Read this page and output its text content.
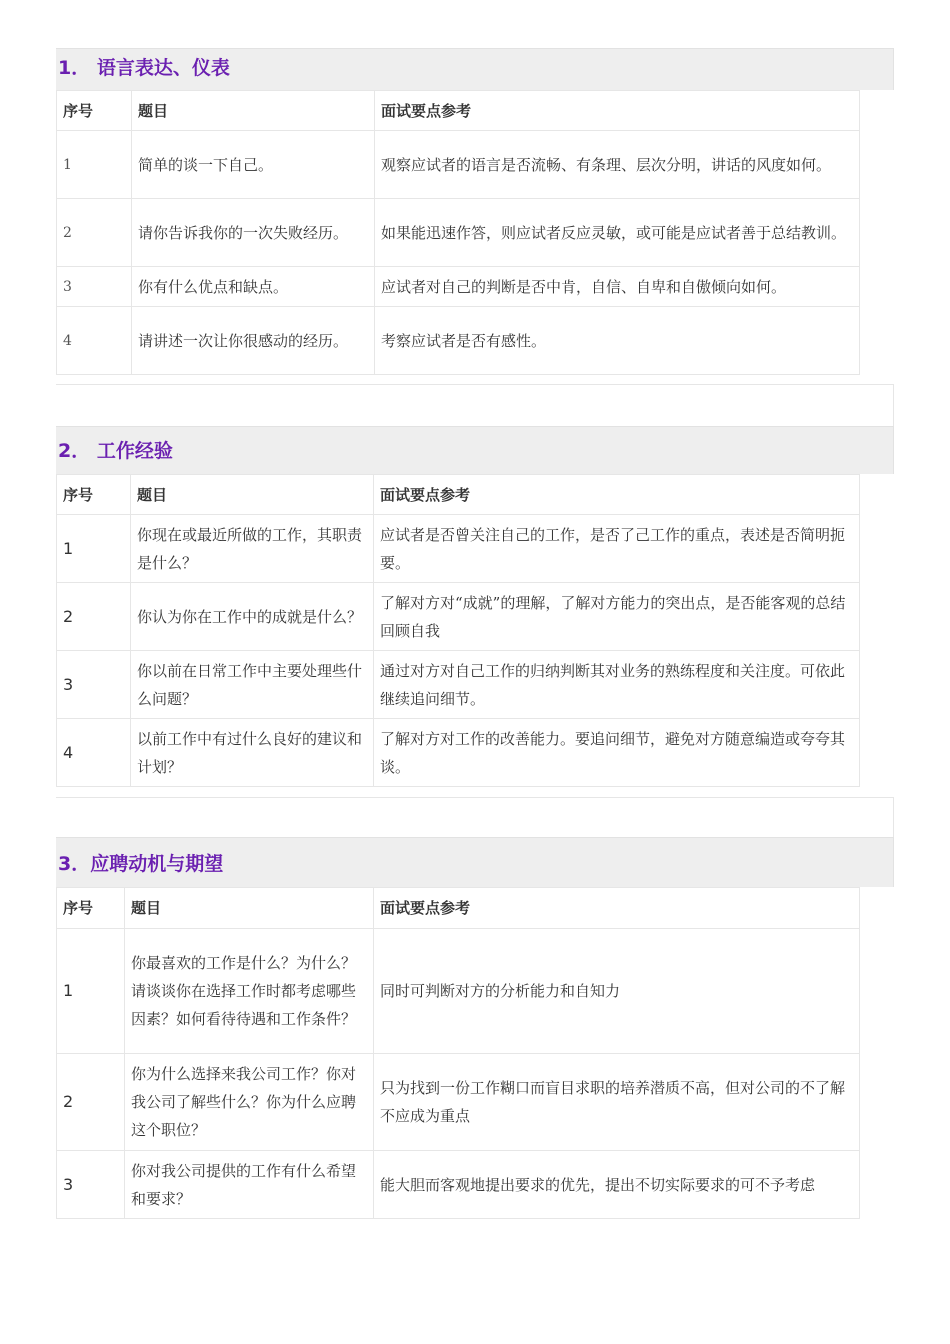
1． 语言表达、仪表
序号	题目	面试要点参考
1	简单的谈一下自己。	观察应试者的语言是否流畅、有条理、层次分明，讲话的风度如何。
2	请你告诉我你的一次失败经历。	如果能迅速作答，则应试者反应灵敏，或可能是应试者善于总结教训。
3	你有什么优点和缺点。	应试者对自己的判断是否中肯，自信、自卑和自傲倾向如何。
4	请讲述一次让你很感动的经历。	考察应试者是否有感性。
2． 工作经验
序号	题目	面试要点参考
1	你现在或最近所做的工作，其职责是什么？	应试者是否曾关注自己的工作，是否了己工作的重点，表述是否简明扼要。
2	你认为你在工作中的成就是什么？	了解对方对“成就”的理解，了解对方能力的突出点，是否能客观的总结回顾自我
3	你以前在日常工作中主要处理些什么问题？	通过对方对自己工作的归纳判断其对业务的熟练程度和关注度。可依此继续追问细节。
4	以前工作中有过什么良好的建议和计划？	了解对方对工作的改善能力。要追问细节，避免对方随意编造或夸夸其谈。
3．应聘动机与期望
序号	题目	面试要点参考
1	你最喜欢的工作是什么？为什么？请谈谈你在选择工作时都考虑哪些因素？如何看待待遇和工作条件？	同时可判断对方的分析能力和自知力
2	你为什么选择来我公司工作？你对我公司了解些什么？你为什么应聘这个职位？	只为找到一份工作糊口而盲目求职的培养潜质不高，但对公司的不了解不应成为重点
3	你对我公司提供的工作有什么希望和要求？	能大胆而客观地提出要求的优先，提出不切实际要求的可不予考虑
